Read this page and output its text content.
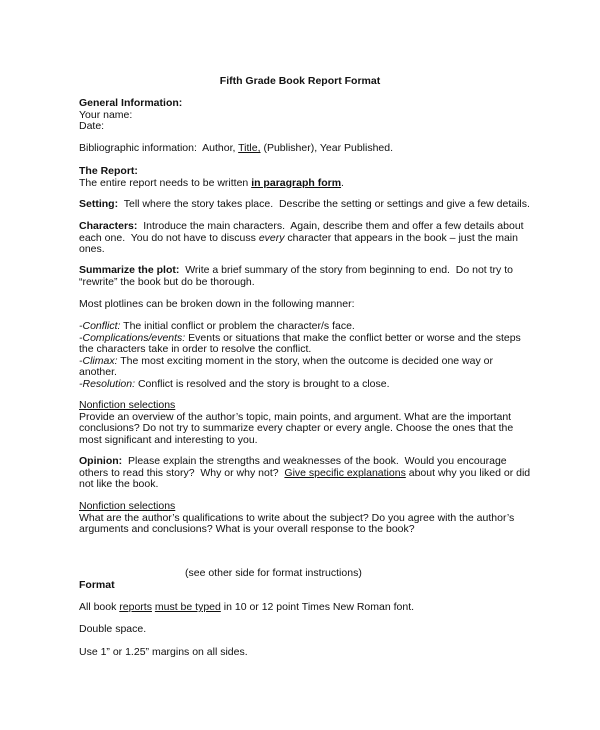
Fifth Grade Book Report Format
General Information:
Your name:
Date:
Bibliographic information:  Author, Title, (Publisher), Year Published.
The Report:
The entire report needs to be written in paragraph form.
Setting:  Tell where the story takes place.  Describe the setting or settings and give a few details.
Characters:  Introduce the main characters.  Again, describe them and offer a few details about
each one.  You do not have to discuss every character that appears in the book – just the main
ones.
Summarize the plot:  Write a brief summary of the story from beginning to end.  Do not try to
“rewrite” the book but do be thorough.
Most plotlines can be broken down in the following manner:
-Conflict: The initial conflict or problem the character/s face.
-Complications/events: Events or situations that make the conflict better or worse and the steps
the characters take in order to resolve the conflict.
-Climax: The most exciting moment in the story, when the outcome is decided one way or
another.
-Resolution: Conflict is resolved and the story is brought to a close.
Nonfiction selections
Provide an overview of the author’s topic, main points, and argument. What are the important
conclusions? Do not try to summarize every chapter or every angle. Choose the ones that the
most significant and interesting to you.
Opinion:  Please explain the strengths and weaknesses of the book.  Would you encourage
others to read this story?  Why or why not?  Give specific explanations about why you liked or did
not like the book.
Nonfiction selections
What are the author’s qualifications to write about the subject? Do you agree with the author’s
arguments and conclusions? What is your overall response to the book?
(see other side for format instructions)
Format
All book reports must be typed in 10 or 12 point Times New Roman font.
Double space.
Use 1” or 1.25” margins on all sides.
